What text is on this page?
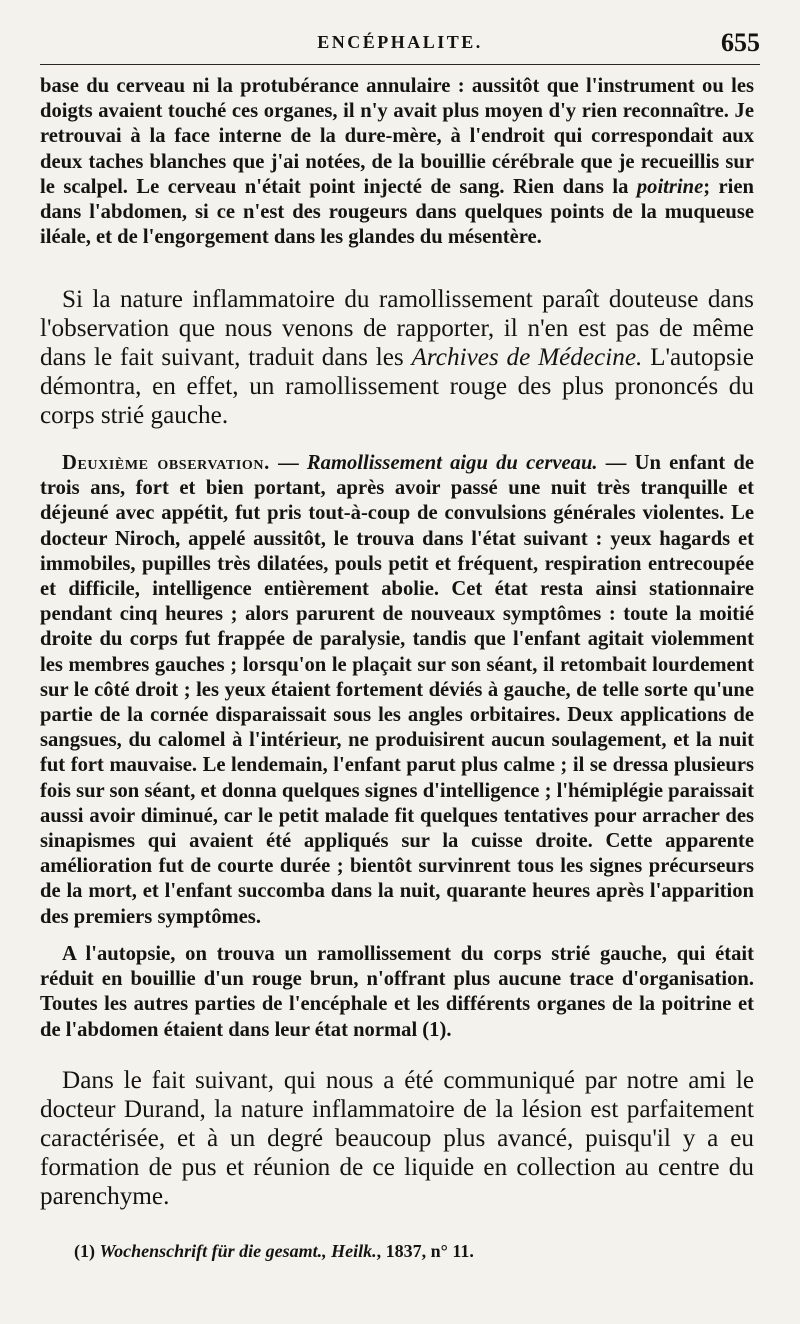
ENCÉPHALITE.	655

base du cerveau ni la protubérance annulaire : aussitôt que l'instrument ou les doigts avaient touché ces organes, il n'y avait plus moyen d'y rien reconnaître. Je retrouvai à la face interne de la dure-mère, à l'endroit qui correspondait aux deux taches blanches que j'ai notées, de la bouillie cérébrale que je recueillis sur le scalpel. Le cerveau n'était point injecté de sang. Rien dans la poitrine; rien dans l'abdomen, si ce n'est des rougeurs dans quelques points de la muqueuse iléale, et de l'engorgement dans les glandes du mésentère.

Si la nature inflammatoire du ramollissement paraît douteuse dans l'observation que nous venons de rapporter, il n'en est pas de même dans le fait suivant, traduit dans les Archives de Médecine. L'autopsie démontra, en effet, un ramollissement rouge des plus prononcés du corps strié gauche.

Deuxième observation. — Ramollissement aigu du cerveau. — Un enfant de trois ans, fort et bien portant, après avoir passé une nuit très tranquille et déjeuné avec appétit, fut pris tout-à-coup de convulsions générales violentes. Le docteur Niroch, appelé aussitôt, le trouva dans l'état suivant : yeux hagards et immobiles, pupilles très dilatées, pouls petit et fréquent, respiration entrecoupée et difficile, intelligence entièrement abolie. Cet état resta ainsi stationnaire pendant cinq heures ; alors parurent de nouveaux symptômes : toute la moitié droite du corps fut frappée de paralysie, tandis que l'enfant agitait violemment les membres gauches ; lorsqu'on le plaçait sur son séant, il retombait lourdement sur le côté droit ; les yeux étaient fortement déviés à gauche, de telle sorte qu'une partie de la cornée disparaissait sous les angles orbitaires. Deux applications de sangsues, du calomel à l'intérieur, ne produisirent aucun soulagement, et la nuit fut fort mauvaise. Le lendemain, l'enfant parut plus calme ; il se dressa plusieurs fois sur son séant, et donna quelques signes d'intelligence ; l'hémiplégie paraissait aussi avoir diminué, car le petit malade fit quelques tentatives pour arracher des sinapismes qui avaient été appliqués sur la cuisse droite. Cette apparente amélioration fut de courte durée ; bientôt survinrent tous les signes précurseurs de la mort, et l'enfant succomba dans la nuit, quarante heures après l'apparition des premiers symptômes.

A l'autopsie, on trouva un ramollissement du corps strié gauche, qui était réduit en bouillie d'un rouge brun, n'offrant plus aucune trace d'organisation. Toutes les autres parties de l'encéphale et les différents organes de la poitrine et de l'abdomen étaient dans leur état normal (1).

Dans le fait suivant, qui nous a été communiqué par notre ami le docteur Durand, la nature inflammatoire de la lésion est parfaitement caractérisée, et à un degré beaucoup plus avancé, puisqu'il y a eu formation de pus et réunion de ce liquide en collection au centre du parenchyme.

(1) Wochenschrift für die gesamt., Heilk., 1837, n° 11.
